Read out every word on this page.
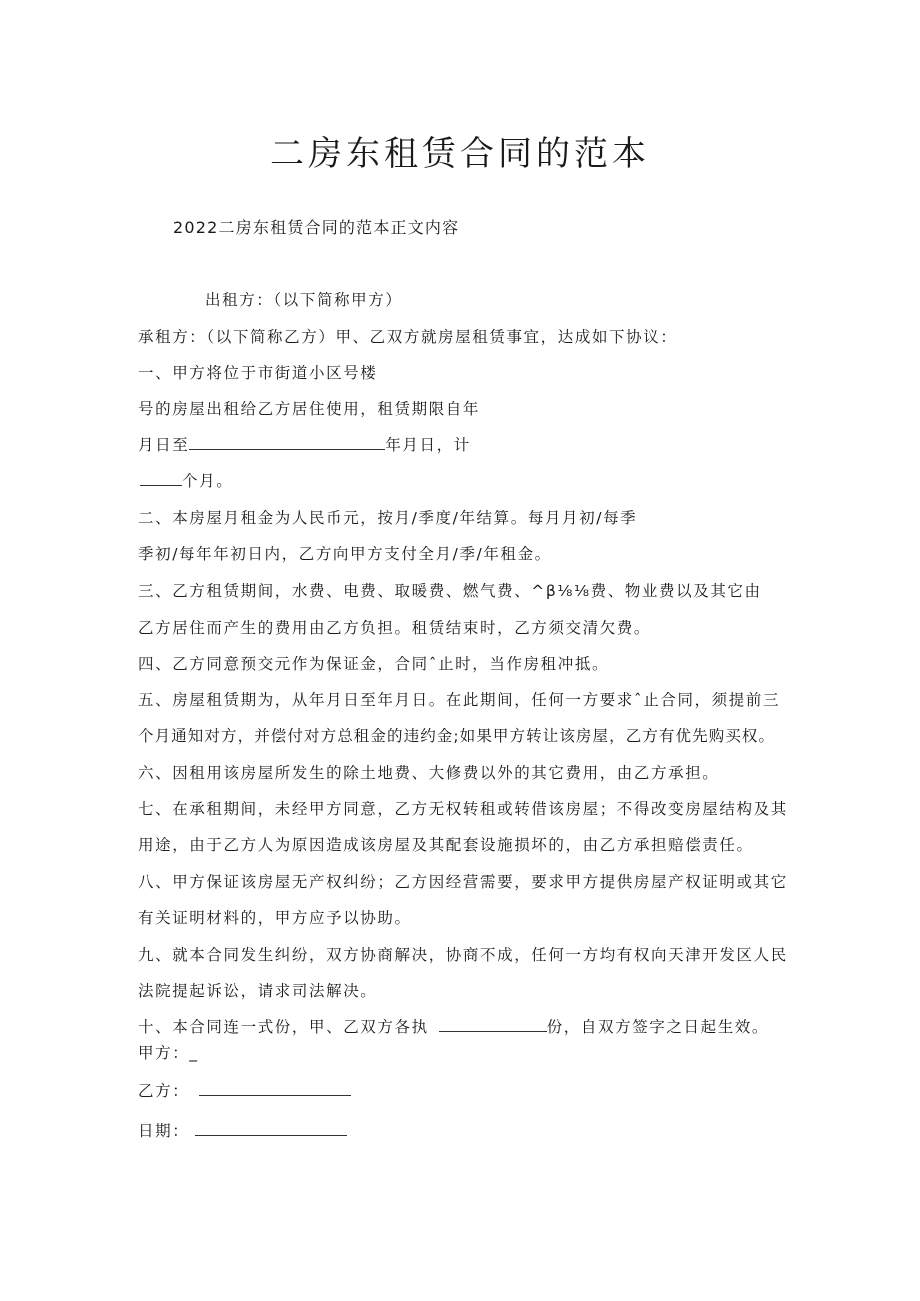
二房东租赁合同的范本
2022二房东租赁合同的范本正文内容
出租方：（以下简称甲方）
承租方：（以下简称乙方）甲、乙双方就房屋租赁事宜，达成如下协议：
一、甲方将位于市街道小区号楼
号的房屋出租给乙方居住使用，租赁期限自年
月日至	年月日，计
个月。
二、本房屋月租金为人民币元，按月/季度/年结算。每月月初/每季
季初/每年年初日内，乙方向甲方支付全月/季/年租金。
三、乙方租赁期间，水费、电费、取暖费、燃气费、^β⅛⅛费、物业费以及其它由
乙方居住而产生的费用由乙方负担。租赁结束时，乙方须交清欠费。
四、乙方同意预交元作为保证金，合同ˆ止时，当作房租冲抵。
五、房屋租赁期为，从年月日至年月日。在此期间，任何一方要求ˆ止合同，须提前三
个月通知对方，并偿付对方总租金的违约金;如果甲方转让该房屋，乙方有优先购买权。
六、因租用该房屋所发生的除土地费、大修费以外的其它费用，由乙方承担。
七、在承租期间，未经甲方同意，乙方无权转租或转借该房屋；不得改变房屋结构及其
用途，由于乙方人为原因造成该房屋及其配套设施损坏的，由乙方承担赔偿责任。
八、甲方保证该房屋无产权纠纷；乙方因经营需要，要求甲方提供房屋产权证明或其它
有关证明材料的，甲方应予以协助。
九、就本合同发生纠纷，双方协商解决，协商不成，任何一方均有权向天津开发区人民
法院提起诉讼，请求司法解决。
十、本合同连一式份，甲、乙双方各执	份，自双方签字之日起生效。
甲方：_
乙方：
日期：
